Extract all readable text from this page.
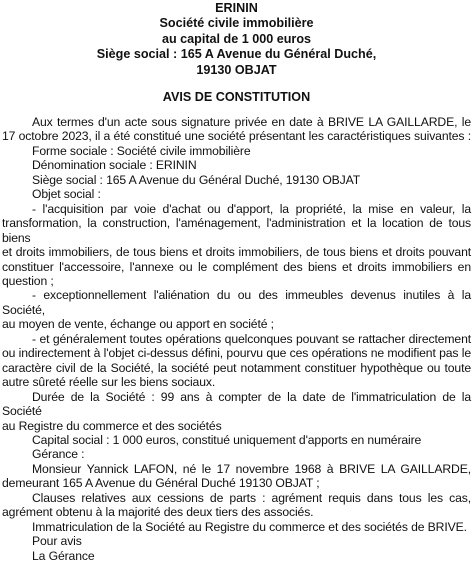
ERININ
Société civile immobilière
au capital de 1 000 euros
Siège social : 165 A Avenue du Général Duché,
19130 OBJAT
AVIS DE CONSTITUTION
Aux termes d'un acte sous signature privée en date à BRIVE LA GAILLARDE, le
17 octobre 2023, il a été constitué une société présentant les caractéristiques suivantes :
Forme sociale : Société civile immobilière
Dénomination sociale : ERININ
Siège social : 165 A Avenue du Général Duché, 19130 OBJAT
Objet social :
- l'acquisition par voie d'achat ou d'apport, la propriété, la mise en valeur, la
transformation, la construction, l'aménagement, l'administration et la location de tous biens
et droits immobiliers, de tous biens et droits immobiliers, de tous biens et droits pouvant
constituer l'accessoire, l'annexe ou le complément des biens et droits immobiliers en
question ;
- exceptionnellement l'aliénation du ou des immeubles devenus inutiles à la Société,
au moyen de vente, échange ou apport en société ;
- et généralement toutes opérations quelconques pouvant se rattacher directement
ou indirectement à l'objet ci-dessus défini, pourvu que ces opérations ne modifient pas le
caractère civil de la Société, la société peut notamment constituer hypothèque ou toute
autre sûreté réelle sur les biens sociaux.
Durée de la Société : 99 ans à compter de la date de l'immatriculation de la Société
au Registre du commerce et des sociétés
Capital social : 1 000 euros, constitué uniquement d'apports en numéraire
Gérance :
Monsieur Yannick LAFON, né le 17 novembre 1968 à BRIVE LA GAILLARDE,
demeurant 165 A Avenue du Général Duché 19130 OBJAT ;
Clauses relatives aux cessions de parts : agrément requis dans tous les cas,
agrément obtenu à la majorité des deux tiers des associés.
Immatriculation de la Société au Registre du commerce et des sociétés de BRIVE.
Pour avis
La Gérance
